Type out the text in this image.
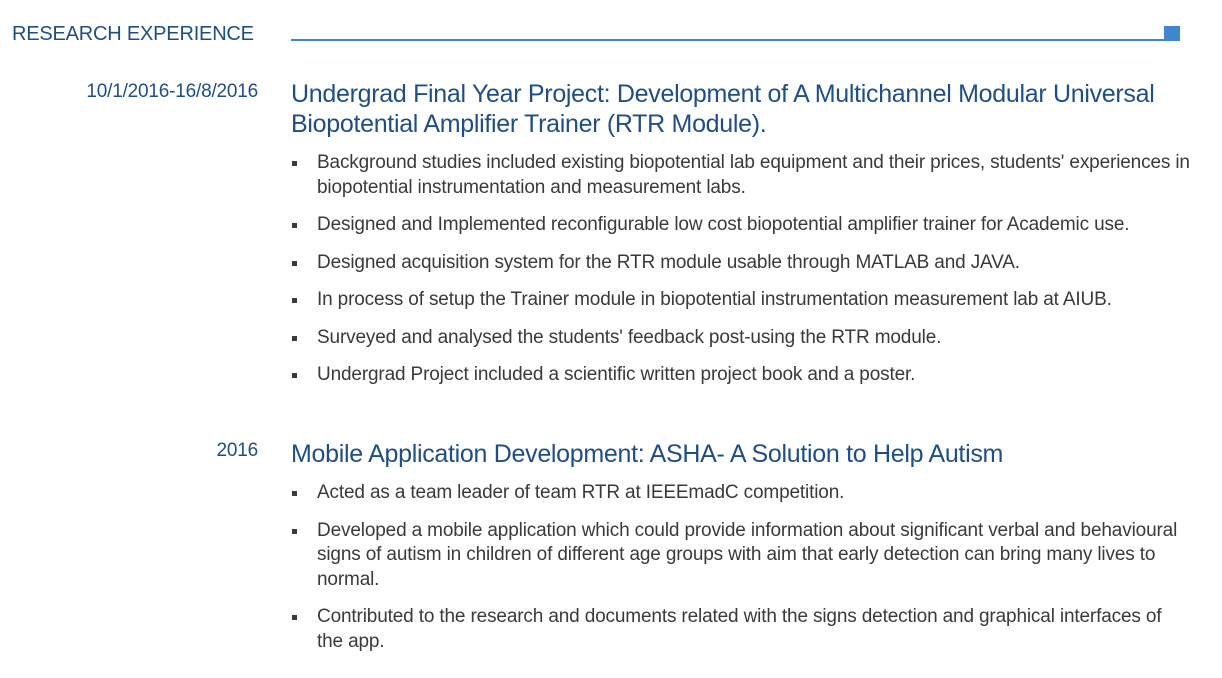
RESEARCH EXPERIENCE
10/1/2016-16/8/2016 Undergrad Final Year Project: Development of A Multichannel Modular Universal Biopotential Amplifier Trainer (RTR Module).
Background studies included existing biopotential lab equipment and their prices, students' experiences in biopotential instrumentation and measurement labs.
Designed and Implemented reconfigurable low cost biopotential amplifier trainer for Academic use.
Designed acquisition system for the RTR module usable through MATLAB and JAVA.
In process of setup the Trainer module in biopotential instrumentation measurement lab at AIUB.
Surveyed and analysed the students' feedback post-using the RTR module.
Undergrad Project included a scientific written project book and a poster.
2016 Mobile Application Development: ASHA- A Solution to Help Autism
Acted as a team leader of team RTR at IEEEmadC competition.
Developed a mobile application which could provide information about significant verbal and behavioural signs of autism in children of different age groups with aim that early detection can bring many lives to normal.
Contributed to the research and documents related with the signs detection and graphical interfaces of the app.
